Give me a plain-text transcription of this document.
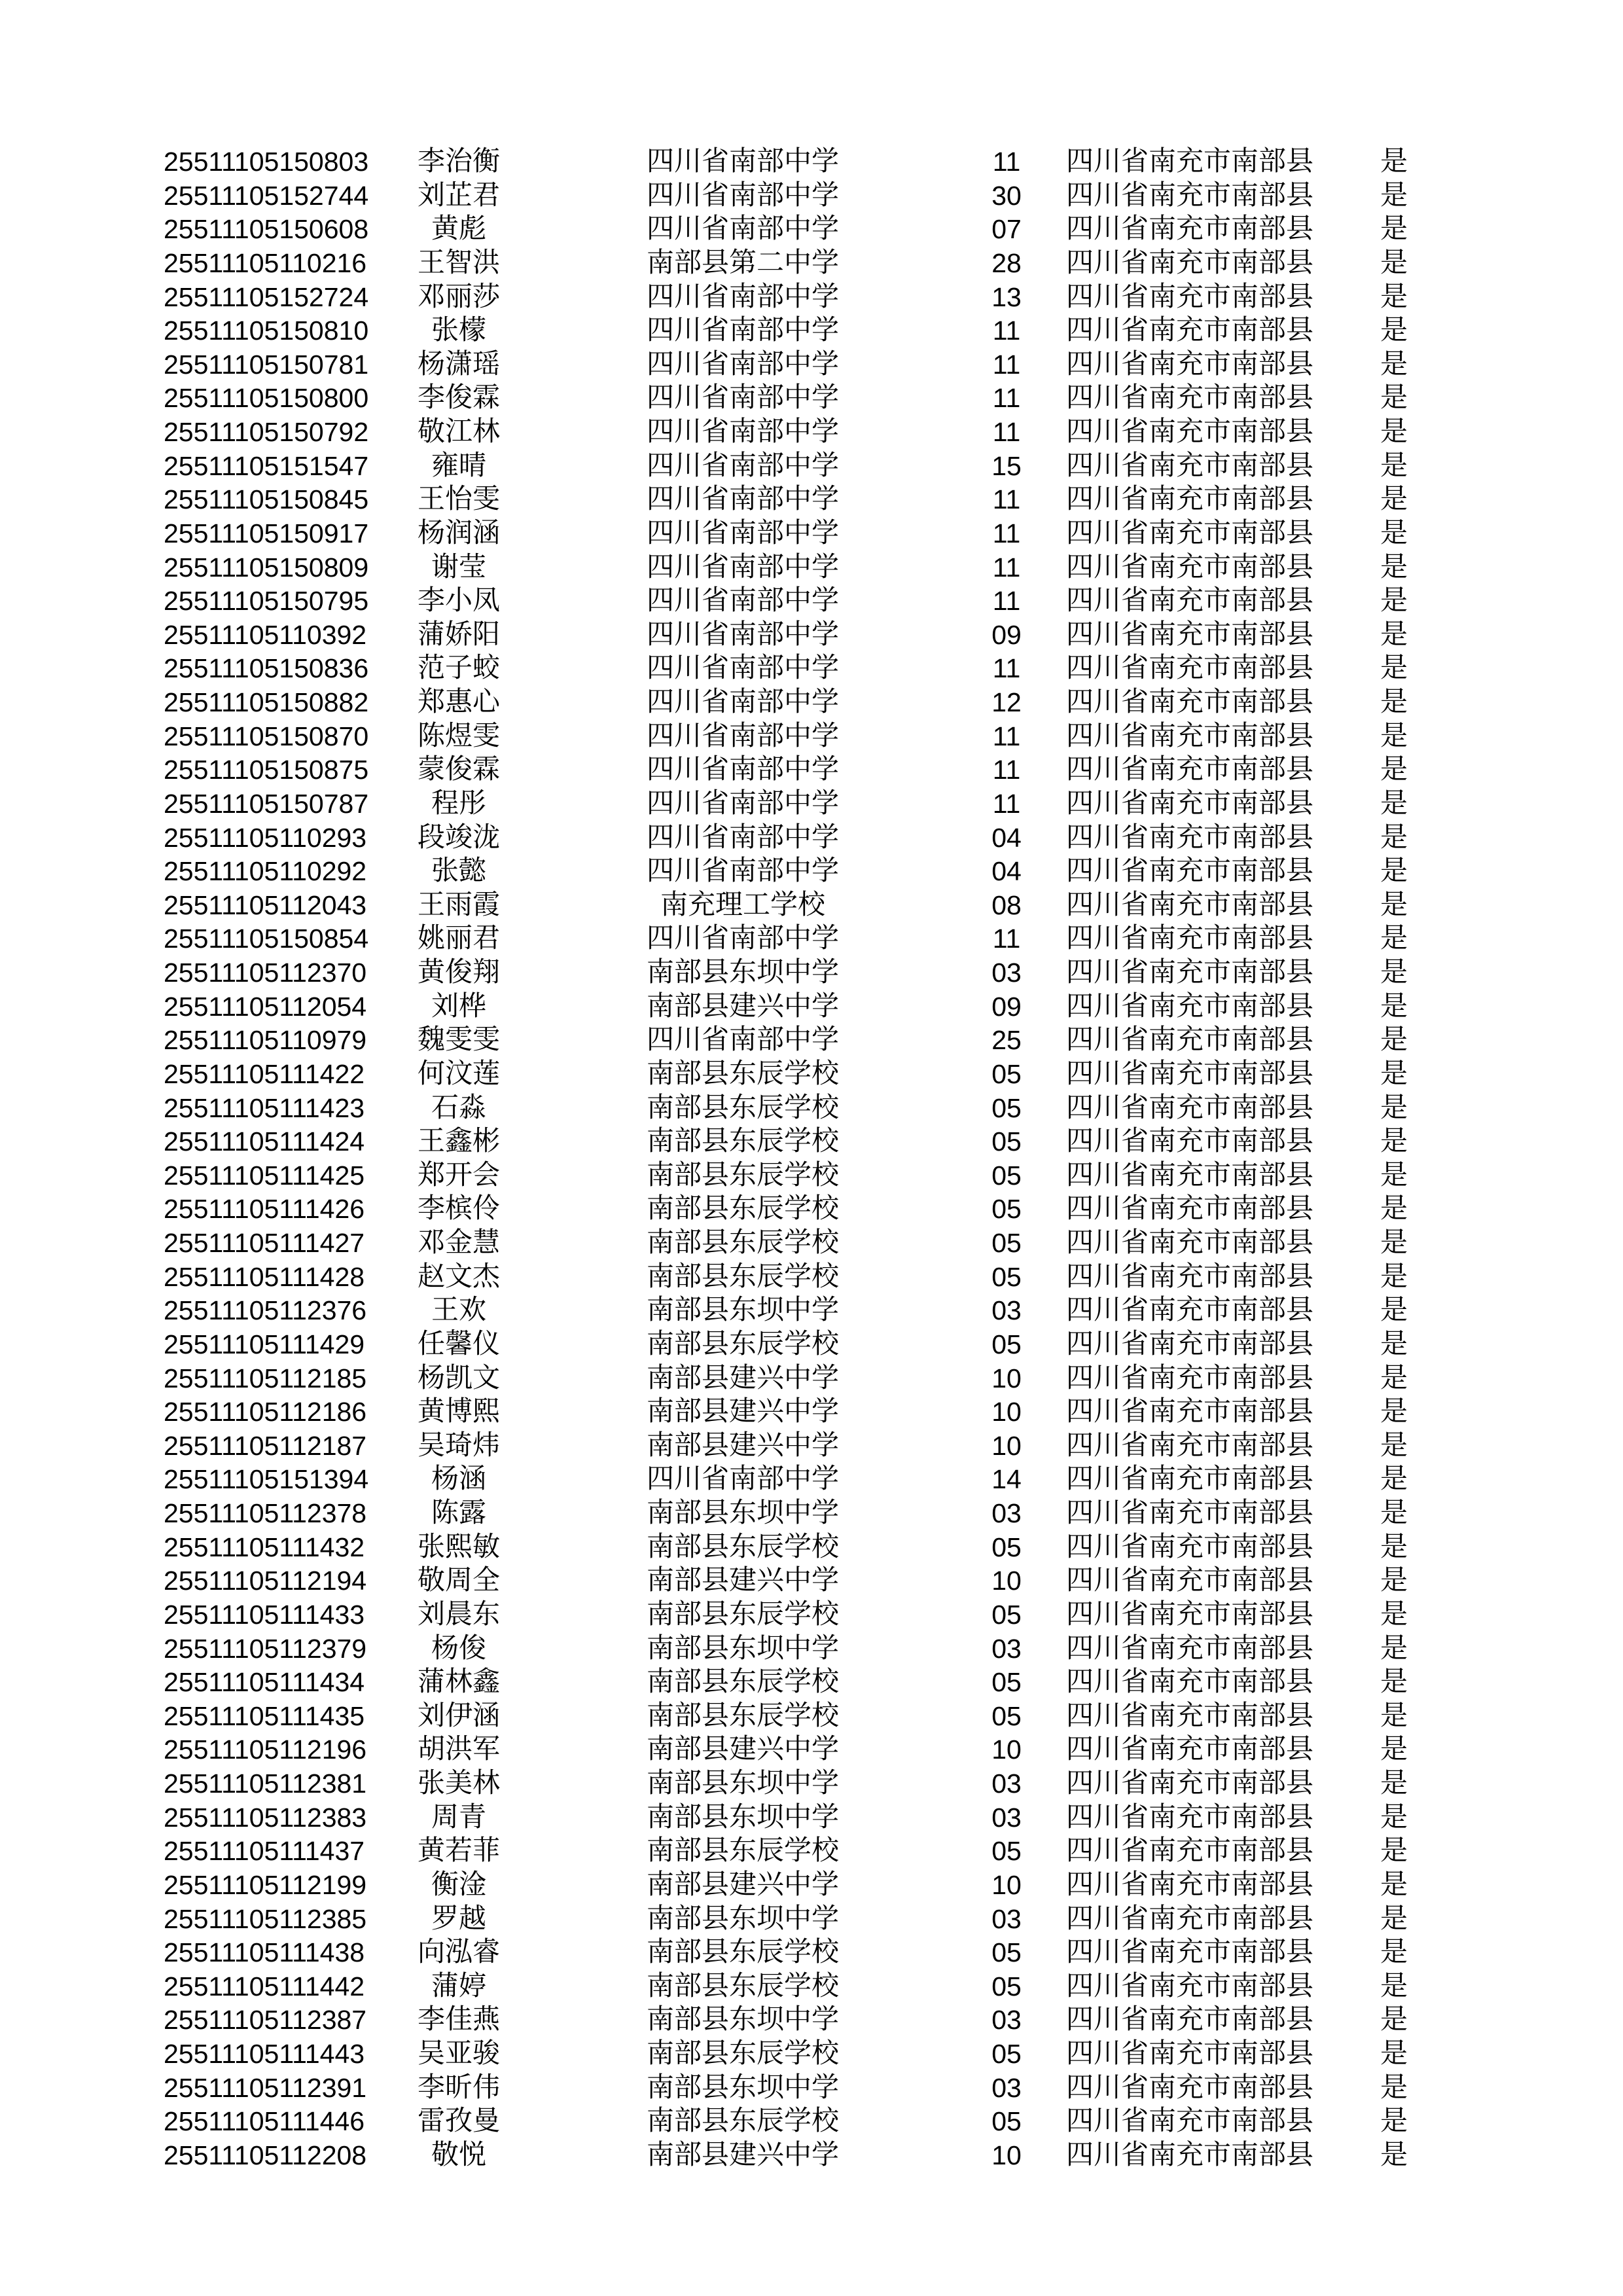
25511105150803	李治衡	四川省南部中学	11	四川省南充市南部县	是
25511105152744	刘芷君	四川省南部中学	30	四川省南充市南部县	是
25511105150608	黄彪	四川省南部中学	07	四川省南充市南部县	是
25511105110216	王智洪	南部县第二中学	28	四川省南充市南部县	是
25511105152724	邓丽莎	四川省南部中学	13	四川省南充市南部县	是
25511105150810	张檬	四川省南部中学	11	四川省南充市南部县	是
25511105150781	杨潇瑶	四川省南部中学	11	四川省南充市南部县	是
25511105150800	李俊霖	四川省南部中学	11	四川省南充市南部县	是
25511105150792	敬江林	四川省南部中学	11	四川省南充市南部县	是
25511105151547	雍晴	四川省南部中学	15	四川省南充市南部县	是
25511105150845	王怡雯	四川省南部中学	11	四川省南充市南部县	是
25511105150917	杨润涵	四川省南部中学	11	四川省南充市南部县	是
25511105150809	谢莹	四川省南部中学	11	四川省南充市南部县	是
25511105150795	李小凤	四川省南部中学	11	四川省南充市南部县	是
25511105110392	蒲娇阳	四川省南部中学	09	四川省南充市南部县	是
25511105150836	范子蛟	四川省南部中学	11	四川省南充市南部县	是
25511105150882	郑惠心	四川省南部中学	12	四川省南充市南部县	是
25511105150870	陈煜雯	四川省南部中学	11	四川省南充市南部县	是
25511105150875	蒙俊霖	四川省南部中学	11	四川省南充市南部县	是
25511105150787	程彤	四川省南部中学	11	四川省南充市南部县	是
25511105110293	段竣泷	四川省南部中学	04	四川省南充市南部县	是
25511105110292	张懿	四川省南部中学	04	四川省南充市南部县	是
25511105112043	王雨霞	南充理工学校	08	四川省南充市南部县	是
25511105150854	姚丽君	四川省南部中学	11	四川省南充市南部县	是
25511105112370	黄俊翔	南部县东坝中学	03	四川省南充市南部县	是
25511105112054	刘桦	南部县建兴中学	09	四川省南充市南部县	是
25511105110979	魏雯雯	四川省南部中学	25	四川省南充市南部县	是
25511105111422	何汶莲	南部县东辰学校	05	四川省南充市南部县	是
25511105111423	石淼	南部县东辰学校	05	四川省南充市南部县	是
25511105111424	王鑫彬	南部县东辰学校	05	四川省南充市南部县	是
25511105111425	郑开会	南部县东辰学校	05	四川省南充市南部县	是
25511105111426	李槟伶	南部县东辰学校	05	四川省南充市南部县	是
25511105111427	邓金慧	南部县东辰学校	05	四川省南充市南部县	是
25511105111428	赵文杰	南部县东辰学校	05	四川省南充市南部县	是
25511105112376	王欢	南部县东坝中学	03	四川省南充市南部县	是
25511105111429	任馨仪	南部县东辰学校	05	四川省南充市南部县	是
25511105112185	杨凯文	南部县建兴中学	10	四川省南充市南部县	是
25511105112186	黄博熙	南部县建兴中学	10	四川省南充市南部县	是
25511105112187	吴琦炜	南部县建兴中学	10	四川省南充市南部县	是
25511105151394	杨涵	四川省南部中学	14	四川省南充市南部县	是
25511105112378	陈露	南部县东坝中学	03	四川省南充市南部县	是
25511105111432	张熙敏	南部县东辰学校	05	四川省南充市南部县	是
25511105112194	敬周全	南部县建兴中学	10	四川省南充市南部县	是
25511105111433	刘晨东	南部县东辰学校	05	四川省南充市南部县	是
25511105112379	杨俊	南部县东坝中学	03	四川省南充市南部县	是
25511105111434	蒲林鑫	南部县东辰学校	05	四川省南充市南部县	是
25511105111435	刘伊涵	南部县东辰学校	05	四川省南充市南部县	是
25511105112196	胡洪军	南部县建兴中学	10	四川省南充市南部县	是
25511105112381	张美林	南部县东坝中学	03	四川省南充市南部县	是
25511105112383	周青	南部县东坝中学	03	四川省南充市南部县	是
25511105111437	黄若菲	南部县东辰学校	05	四川省南充市南部县	是
25511105112199	衡淦	南部县建兴中学	10	四川省南充市南部县	是
25511105112385	罗越	南部县东坝中学	03	四川省南充市南部县	是
25511105111438	向泓睿	南部县东辰学校	05	四川省南充市南部县	是
25511105111442	蒲婷	南部县东辰学校	05	四川省南充市南部县	是
25511105112387	李佳燕	南部县东坝中学	03	四川省南充市南部县	是
25511105111443	吴亚骏	南部县东辰学校	05	四川省南充市南部县	是
25511105112391	李昕伟	南部县东坝中学	03	四川省南充市南部县	是
25511105111446	雷孜曼	南部县东辰学校	05	四川省南充市南部县	是
25511105112208	敬悦	南部县建兴中学	10	四川省南充市南部县	是
